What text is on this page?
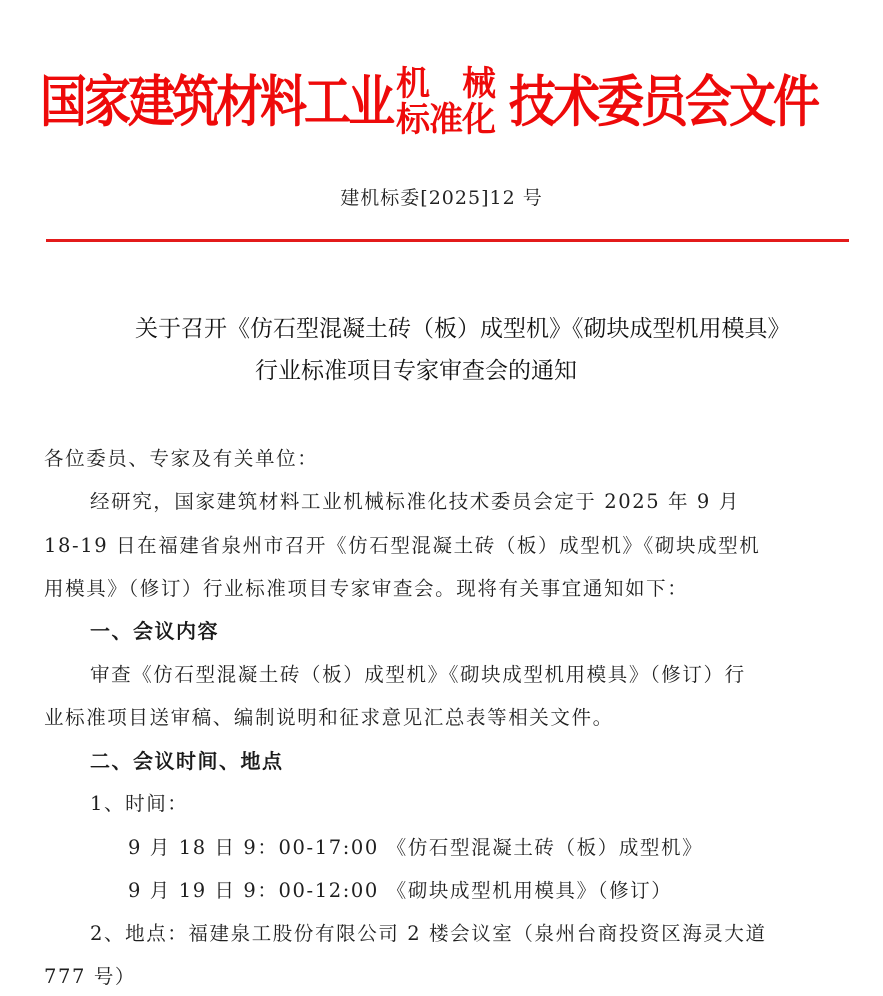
国家建筑材料工业 机 械
标准化 技术委员会文件
建机标委[2025]12 号
关于召开《仿石型混凝土砖（板）成型机》《砌块成型机用模具》
行业标准项目专家审查会的通知
各位委员、专家及有关单位：
经研究，国家建筑材料工业机械标准化技术委员会定于 2025 年 9 月
18-19 日在福建省泉州市召开《仿石型混凝土砖（板）成型机》《砌块成型机
用模具》（修订）行业标准项目专家审查会。现将有关事宜通知如下：
一、会议内容
审查《仿石型混凝土砖（板）成型机》《砌块成型机用模具》（修订）行
业标准项目送审稿、编制说明和征求意见汇总表等相关文件。
二、会议时间、地点
1、时间：
9 月 18 日 9：00-17:00 《仿石型混凝土砖（板）成型机》
9 月 19 日 9：00-12:00 《砌块成型机用模具》（修订）
2、地点：福建泉工股份有限公司 2 楼会议室（泉州台商投资区海灵大道
777 号）
